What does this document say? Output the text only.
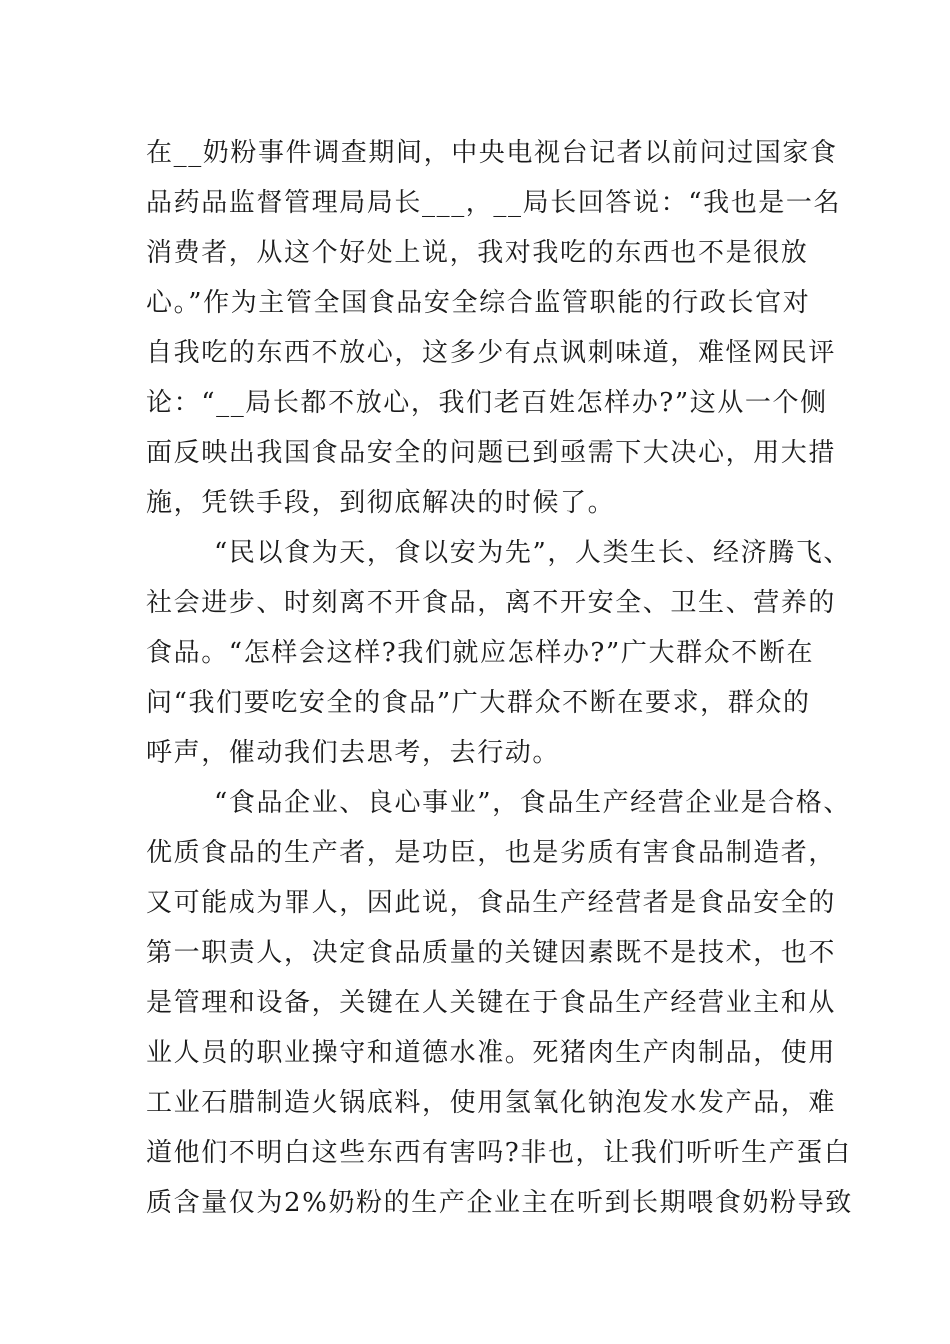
在__奶粉事件调查期间，中央电视台记者以前问过国家食
品药品监督管理局局长___，__局长回答说：“我也是一名
消费者，从这个好处上说，我对我吃的东西也不是很放
心。”作为主管全国食品安全综合监管职能的行政长官对
自我吃的东西不放心，这多少有点讽刺味道，难怪网民评
论：“__局长都不放心，我们老百姓怎样办?”这从一个侧
面反映出我国食品安全的问题已到亟需下大决心，用大措
施，凭铁手段，到彻底解决的时候了。
“民以食为天，食以安为先”，人类生长、经济腾飞、
社会进步、时刻离不开食品，离不开安全、卫生、营养的
食品。“怎样会这样?我们就应怎样办?”广大群众不断在
问“我们要吃安全的食品”广大群众不断在要求，群众的
呼声，催动我们去思考，去行动。
“食品企业、良心事业”，食品生产经营企业是合格、
优质食品的生产者，是功臣，也是劣质有害食品制造者，
又可能成为罪人，因此说，食品生产经营者是食品安全的
第一职责人，决定食品质量的关键因素既不是技术，也不
是管理和设备，关键在人关键在于食品生产经营业主和从
业人员的职业操守和道德水准。死猪肉生产肉制品，使用
工业石腊制造火锅底料，使用氢氧化钠泡发水发产品，难
道他们不明白这些东西有害吗?非也，让我们听听生产蛋白
质含量仅为2%奶粉的生产企业主在听到长期喂食奶粉导致
